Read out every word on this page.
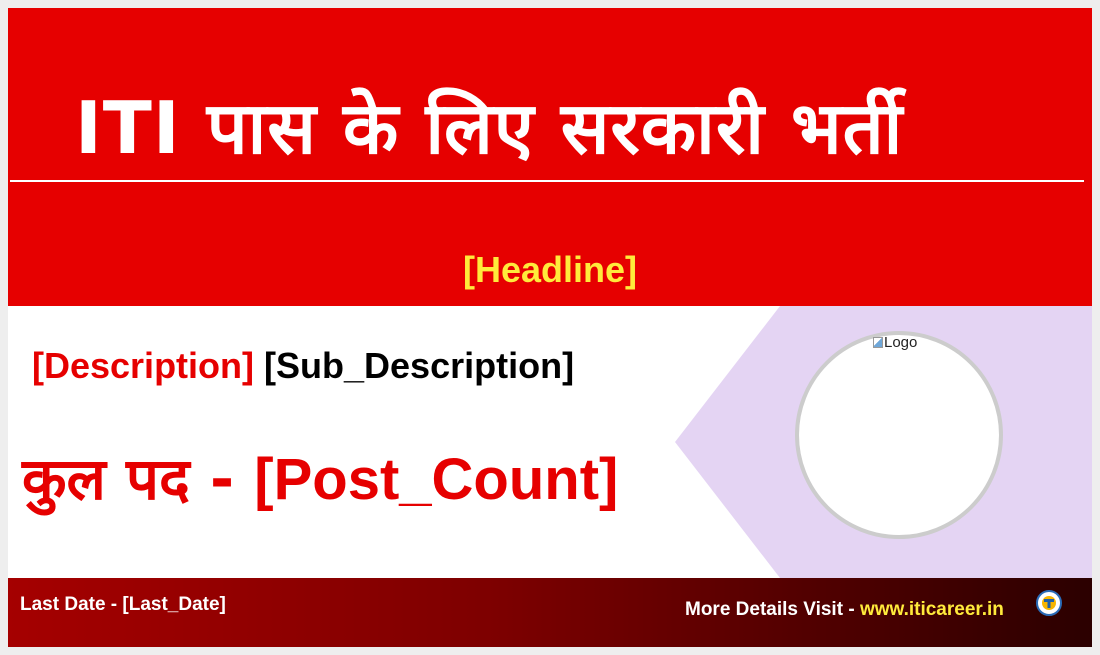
ITI पास के लिए सरकारी भर्ती
[Headline]
[Description] [Sub_Description]
कुल पद - [Post_Count]
Logo
Last Date - [Last_Date]	More Details Visit - www.iticareer.in
